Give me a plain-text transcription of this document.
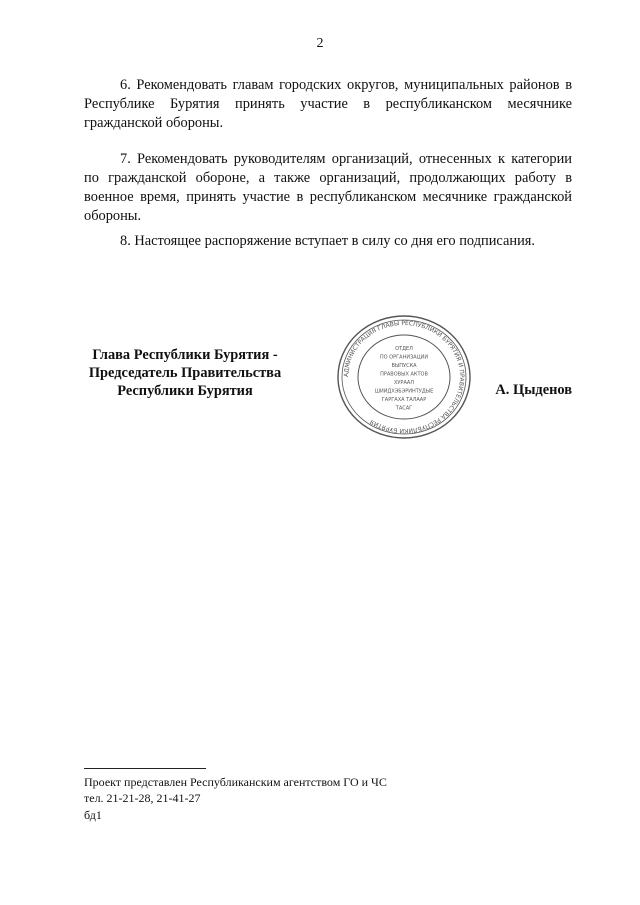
2

6. Рекомендовать главам городских округов, муниципальных районов в Республике Бурятия принять участие в республиканском месячнике гражданской обороны.

7. Рекомендовать руководителям организаций, отнесенных к категории по гражданской обороне, а также организаций, продолжающих работу в военное время, принять участие в республиканском месячнике гражданской обороны.

8. Настоящее распоряжение вступает в силу со дня его подписания.

Глава Республики Бурятия -
Председатель Правительства
Республики Бурятия
АДМИНИСТРАЦИЯ ГЛАВЫ РЕСПУБЛИКИ БУРЯТИЯ И ПРАВИТЕЛЬСТВА РЕСПУБЛИКИ БУРЯТИЯ
ОТДЕЛ
ПО ОРГАНИЗАЦИИ
ВЫПУСКА
ПРАВОВЫХ АКТОВ
ХУРААЛ
ШИИДХЭБЭРИНТУДЫЕ
ГАРГАХА ТАЛААР
ТАСАГ
А. Цыденов
Проект представлен Республиканским агентством ГО и ЧС
тел. 21-21-28, 21-41-27
бд1
